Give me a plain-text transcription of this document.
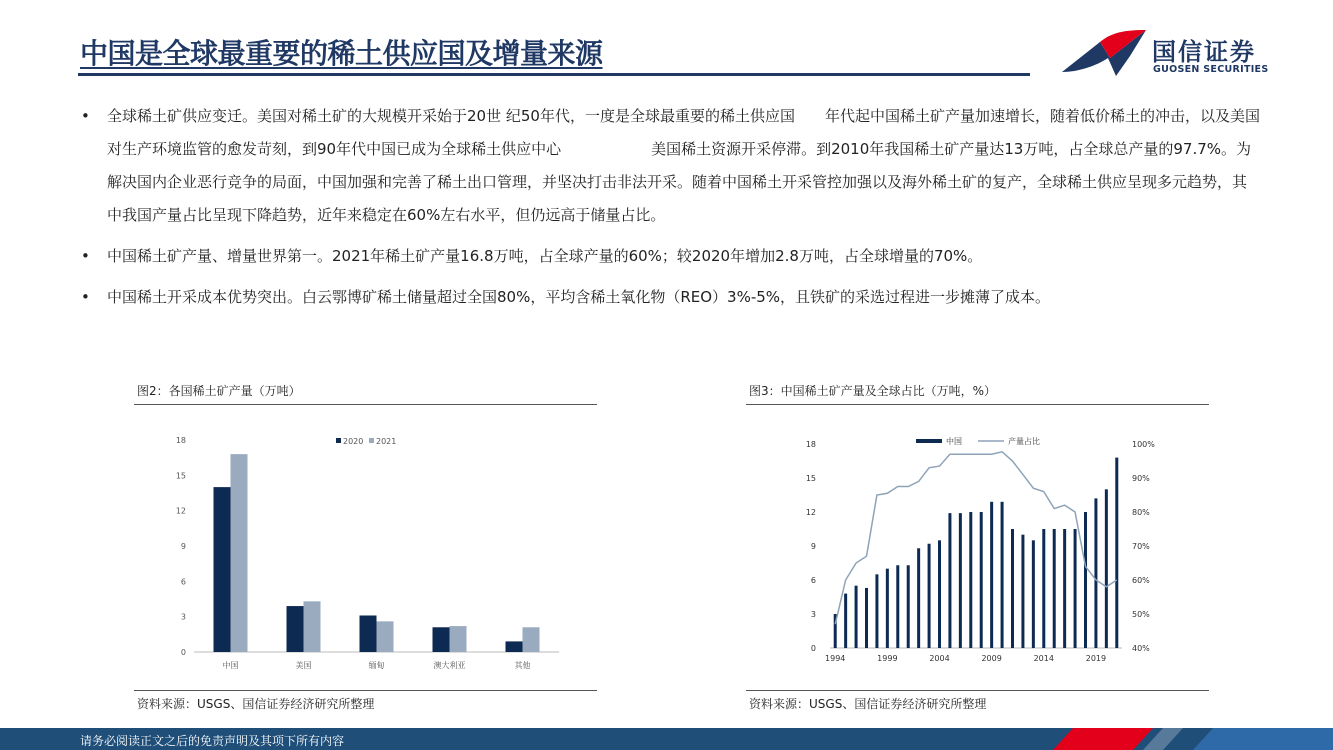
中国是全球最重要的稀土供应国及增量来源	国信证券
GUOSEN SECURITIES
• 全球稀土矿供应变迁。美国对稀土矿的大规模开采始于20世 纪50年代，一度是全球最重要的稀土供应国　　年代起中国稀土矿产量加速增长，随着低价稀土的冲击，以及美国对生产环境监管的愈发苛刻，到90年代中国已成为全球稀土供应中心　　　　　　美国稀土资源开采停滞。到2010年我国稀土矿产量达13万吨，占全球总产量的97.7%。为解决国内企业恶行竞争的局面，中国加强和完善了稀土出口管理，并坚决打击非法开采。随着中国稀土开采管控加强以及海外稀土矿的复产，全球稀土供应呈现多元趋势，其中我国产量占比呈现下降趋势，近年来稳定在60%左右水平，但仍远高于储量占比。
• 中国稀土矿产量、增量世界第一。2021年稀土矿产量16.8万吨，占全球产量的60%；较2020年增加2.8万吨，占全球增量的70%。
• 中国稀土开采成本优势突出。白云鄂博矿稀土储量超过全国80%，平均含稀土氧化物（REO）3%-5%，且铁矿的采选过程进一步摊薄了成本。
图2：各国稀土矿产量（万吨）
0
3
6
9
12
15
18
中国	美国	缅甸	澳大利亚	其他
2020 2021
资料来源：USGS、国信证券经济研究所整理
图3：中国稀土矿产量及全球占比（万吨，%）
0
3
6
9
12
15
18
40%
50%
60%
70%
80%
90%
100%
1994	1999	2004	2009	2014	2019
中国	产量占比
资料来源：USGS、国信证券经济研究所整理
请务必阅读正文之后的免责声明及其项下所有内容
